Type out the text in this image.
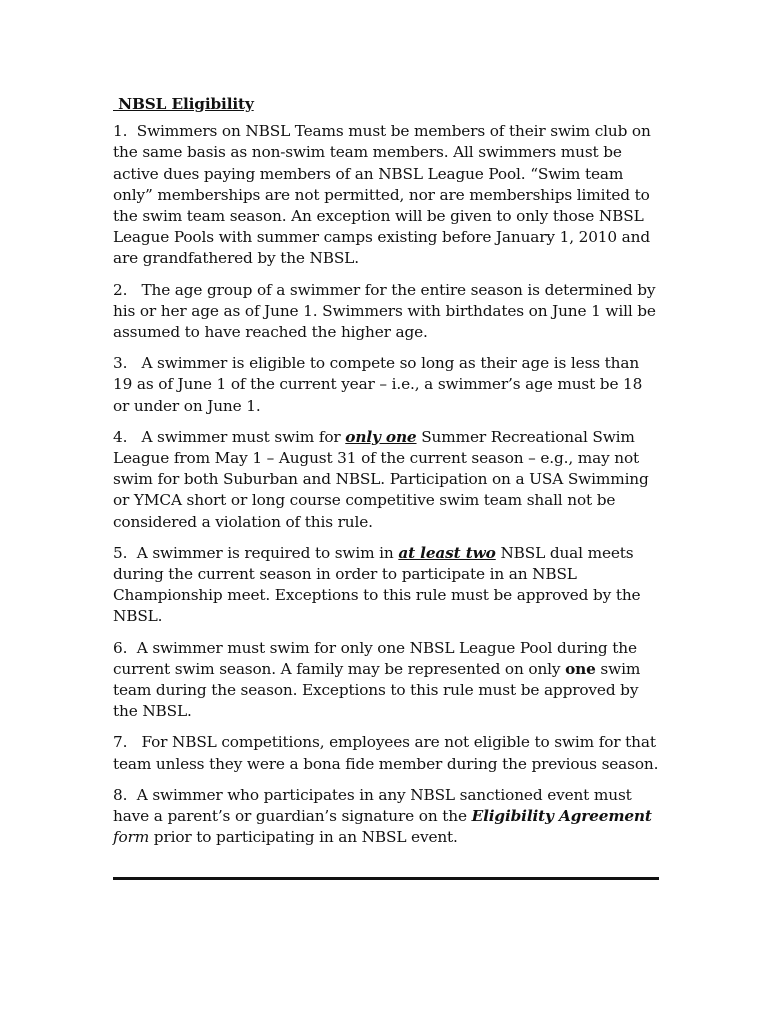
NBSL Eligibility

1. Swimmers on NBSL Teams must be members of their swim club on the same basis as non-swim team members. All swimmers must be active dues paying members of an NBSL League Pool. “Swim team only” memberships are not permitted, nor are memberships limited to the swim team season. An exception will be given to only those NBSL League Pools with summer camps existing before January 1, 2010 and are grandfathered by the NBSL.

2. The age group of a swimmer for the entire season is determined by his or her age as of June 1. Swimmers with birthdates on June 1 will be assumed to have reached the higher age.

3. A swimmer is eligible to compete so long as their age is less than 19 as of June 1 of the current year – i.e., a swimmer’s age must be 18 or under on June 1.

4. A swimmer must swim for only one Summer Recreational Swim League from May 1 – August 31 of the current season – e.g., may not swim for both Suburban and NBSL. Participation on a USA Swimming or YMCA short or long course competitive swim team shall not be considered a violation of this rule.

5. A swimmer is required to swim in at least two NBSL dual meets during the current season in order to participate in an NBSL Championship meet. Exceptions to this rule must be approved by the NBSL.

6. A swimmer must swim for only one NBSL League Pool during the current swim season. A family may be represented on only one swim team during the season. Exceptions to this rule must be approved by the NBSL.

7. For NBSL competitions, employees are not eligible to swim for that team unless they were a bona fide member during the previous season.

8. A swimmer who participates in any NBSL sanctioned event must have a parent’s or guardian’s signature on the Eligibility Agreement form prior to participating in an NBSL event.
